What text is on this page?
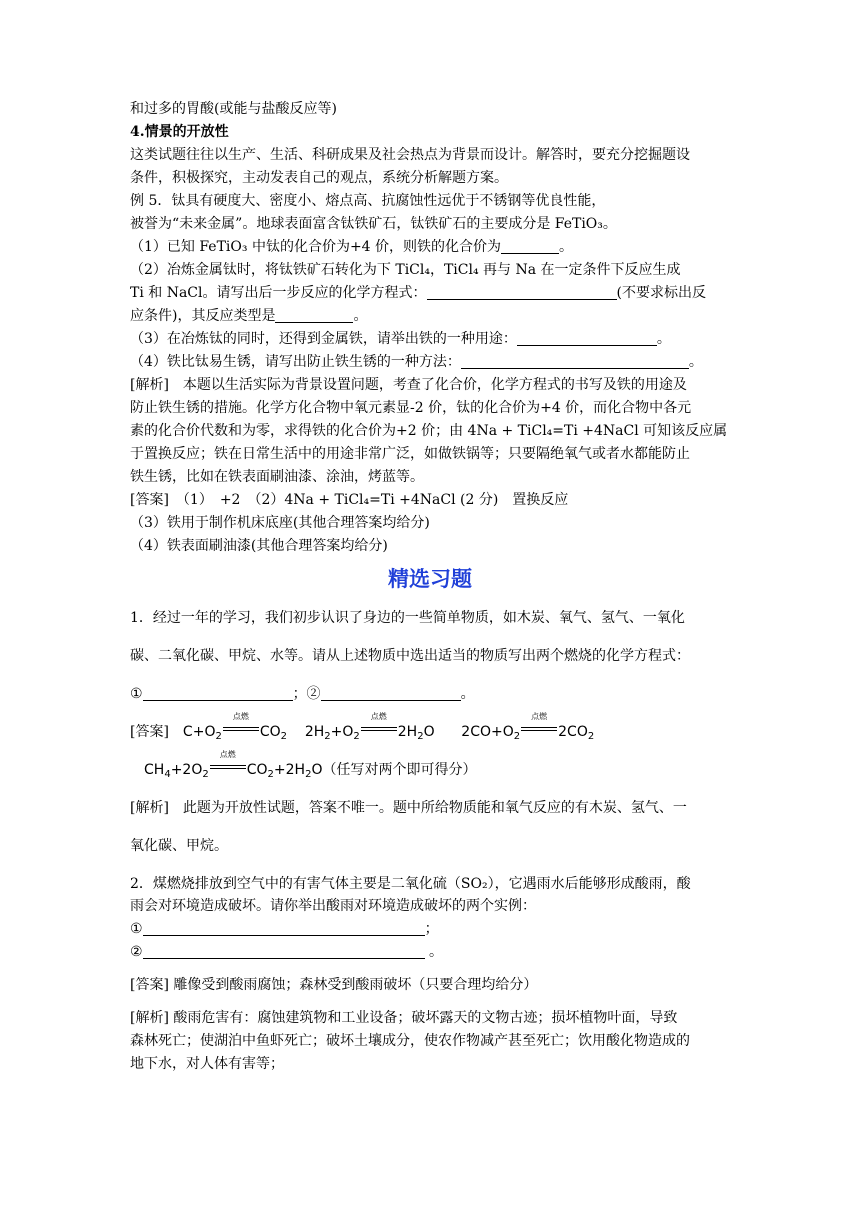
和过多的胃酸(或能与盐酸反应等)
4.情景的开放性
这类试题往往以生产、生活、科研成果及社会热点为背景而设计。解答时，要充分挖掘题设
条件，积极探究，主动发表自己的观点，系统分析解题方案。
例 5．钛具有硬度大、密度小、熔点高、抗腐蚀性远优于不锈钢等优良性能，
被誉为“未来金属”。地球表面富含钛铁矿石，钛铁矿石的主要成分是 FeTiO₃。
（1）已知 FeTiO₃ 中钛的化合价为+4 价，则铁的化合价为	。
（2）冶炼金属钛时，将钛铁矿石转化为下 TiCl₄，TiCl₄ 再与 Na 在一定条件下反应生成
Ti 和 NaCl。请写出后一步反应的化学方程式：	(不要求标出反
应条件)，其反应类型是	。
（3）在冶炼钛的同时，还得到金属铁，请举出铁的一种用途：	。
（4）铁比钛易生锈，请写出防止铁生锈的一种方法：	。
[解析]　本题以生活实际为背景设置问题，考查了化合价，化学方程式的书写及铁的用途及
防止铁生锈的措施。化学方化合物中氧元素显-2 价，钛的化合价为+4 价，而化合物中各元
素的化合价代数和为零，求得铁的化合价为+2 价；由 4Na + TiCl₄=Ti +4NaCl 可知该反应属
于置换反应；铁在日常生活中的用途非常广泛，如做铁锅等；只要隔绝氧气或者水都能防止
铁生锈，比如在铁表面刷油漆、涂油，烤蓝等。
[答案]　（1）　+2　（2）4Na + TiCl₄=Ti +4NaCl (2 分)　置换反应
（3）铁用于制作机床底座(其他合理答案均给分)
（4）铁表面刷油漆(其他合理答案均给分)
精选习题
1．经过一年的学习，我们初步认识了身边的一些简单物质，如木炭、氧气、氢气、一氧化
碳、二氧化碳、甲烷、水等。请从上述物质中选出适当的物质写出两个燃烧的化学方程式：
①	；②	。
[答案]　$C+O_2$
点燃
$CO_2$    $2H_2+O_2$
点燃
$2H_2O$      $2CO+O_2$
点燃
$2CO_2$
$CH_4+2O_2$
点燃
$CO_2+2H_2O$（任写对两个即可得分）
[解析]　此题为开放性试题，答案不唯一。题中所给物质能和氧气反应的有木炭、氢气、一
氧化碳、甲烷。
2．煤燃烧排放到空气中的有害气体主要是二氧化硫（SO₂），它遇雨水后能够形成酸雨，酸
雨会对环境造成破坏。请你举出酸雨对环境造成破坏的两个实例：
①	；
②	。
[答案] 雕像受到酸雨腐蚀；森林受到酸雨破坏（只要合理均给分）
[解析] 酸雨危害有：腐蚀建筑物和工业设备；破坏露天的文物古迹；损坏植物叶面，导致
森林死亡；使湖泊中鱼虾死亡；破坏土壤成分，使农作物减产甚至死亡；饮用酸化物造成的
地下水，对人体有害等；
